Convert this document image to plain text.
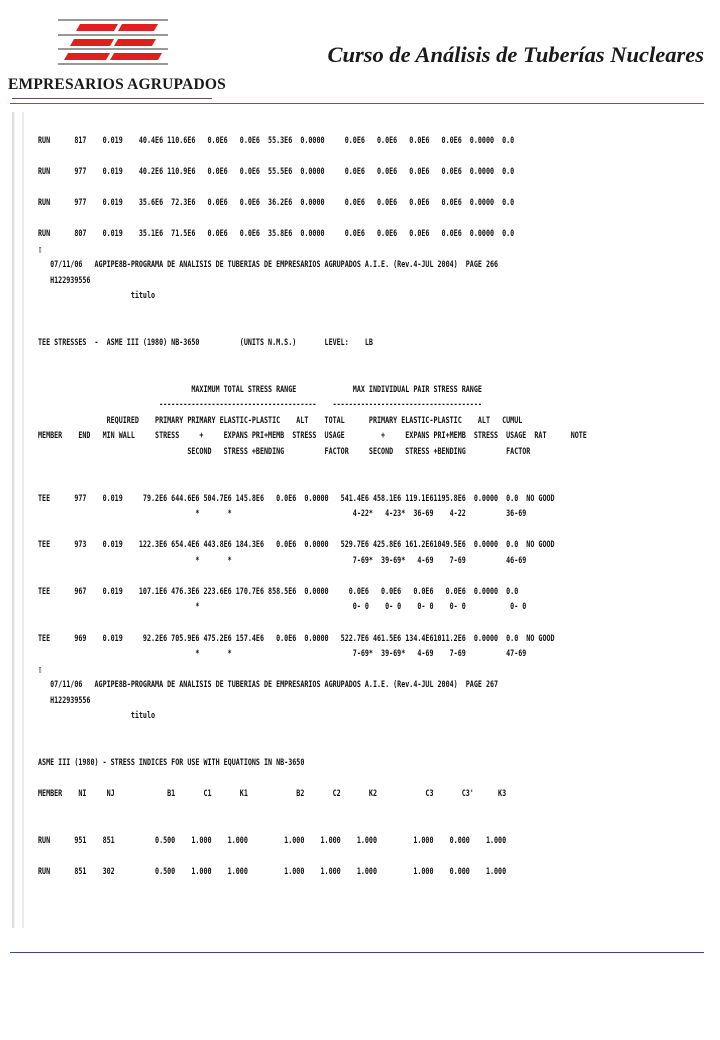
EMPRESARIOS AGRUPADOS
Curso de Análisis de Tuberías Nucleares
RUN      817    0.019    40.4E6 110.6E6   0.0E6   0.0E6  55.3E6  0.0000     0.0E6   0.0E6   0.0E6   0.0E6  0.0000  0.0
RUN      977    0.019    40.2E6 110.9E6   0.0E6   0.0E6  55.5E6  0.0000     0.0E6   0.0E6   0.0E6   0.0E6  0.0000  0.0
RUN      977    0.019    35.6E6  72.3E6   0.0E6   0.0E6  36.2E6  0.0000     0.0E6   0.0E6   0.0E6   0.0E6  0.0000  0.0
RUN      807    0.019    35.1E6  71.5E6   0.0E6   0.0E6  35.8E6  0.0000     0.0E6   0.0E6   0.0E6   0.0E6  0.0000  0.0
▯
07/11/06   AGPIPE8B-PROGRAMA DE ANALISIS DE TUBERIAS DE EMPRESARIOS AGRUPADOS A.I.E. (Rev.4-JUL 2004)  PAGE 266
H122939556
titulo
TEE STRESSES  -  ASME III (1980) NB-3650          (UNITS N.M.S.)       LEVEL:    LB
MAXIMUM TOTAL STRESS RANGE              MAX INDIVIDUAL PAIR STRESS RANGE
---------------------------------------    -------------------------------------
REQUIRED    PRIMARY PRIMARY ELASTIC-PLASTIC    ALT    TOTAL      PRIMARY ELASTIC-PLASTIC    ALT   CUMUL
MEMBER    END   MIN WALL     STRESS     +     EXPANS PRI+MEMB  STRESS  USAGE         +     EXPANS PRI+MEMB  STRESS  USAGE  RAT      NOTE
SECOND   STRESS +BENDING          FACTOR     SECOND   STRESS +BENDING          FACTOR
TEE      977    0.019     79.2E6 644.6E6 504.7E6 145.8E6   0.0E6  0.0000   541.4E6 458.1E6 119.1E61195.8E6  0.0000  0.0  NO GOOD
*       *                              4-22*   4-23*  36-69    4-22          36-69
TEE      973    0.019    122.3E6 654.4E6 443.8E6 184.3E6   0.0E6  0.0000   529.7E6 425.8E6 161.2E61049.5E6  0.0000  0.0  NO GOOD
*       *                              7-69*  39-69*   4-69    7-69          46-69
TEE      967    0.019    107.1E6 476.3E6 223.6E6 170.7E6 858.5E6  0.0000     0.0E6   0.0E6   0.0E6   0.0E6  0.0000  0.0
*                                      0- 0    0- 0    0- 0    0- 0           0- 0
TEE      969    0.019     92.2E6 705.9E6 475.2E6 157.4E6   0.0E6  0.0000   522.7E6 461.5E6 134.4E61011.2E6  0.0000  0.0  NO GOOD
*       *                              7-69*  39-69*   4-69    7-69          47-69
▯
07/11/06   AGPIPE8B-PROGRAMA DE ANALISIS DE TUBERIAS DE EMPRESARIOS AGRUPADOS A.I.E. (Rev.4-JUL 2004)  PAGE 267
H122939556
titulo
ASME III (1980) - STRESS INDICES FOR USE WITH EQUATIONS IN NB-3650
MEMBER    NI     NJ             B1       C1       K1            B2       C2       K2            C3       C3'      K3
RUN      951    851          0.500    1.000    1.000         1.000    1.000    1.000         1.000    0.000    1.000
RUN      851    302          0.500    1.000    1.000         1.000    1.000    1.000         1.000    0.000    1.000
